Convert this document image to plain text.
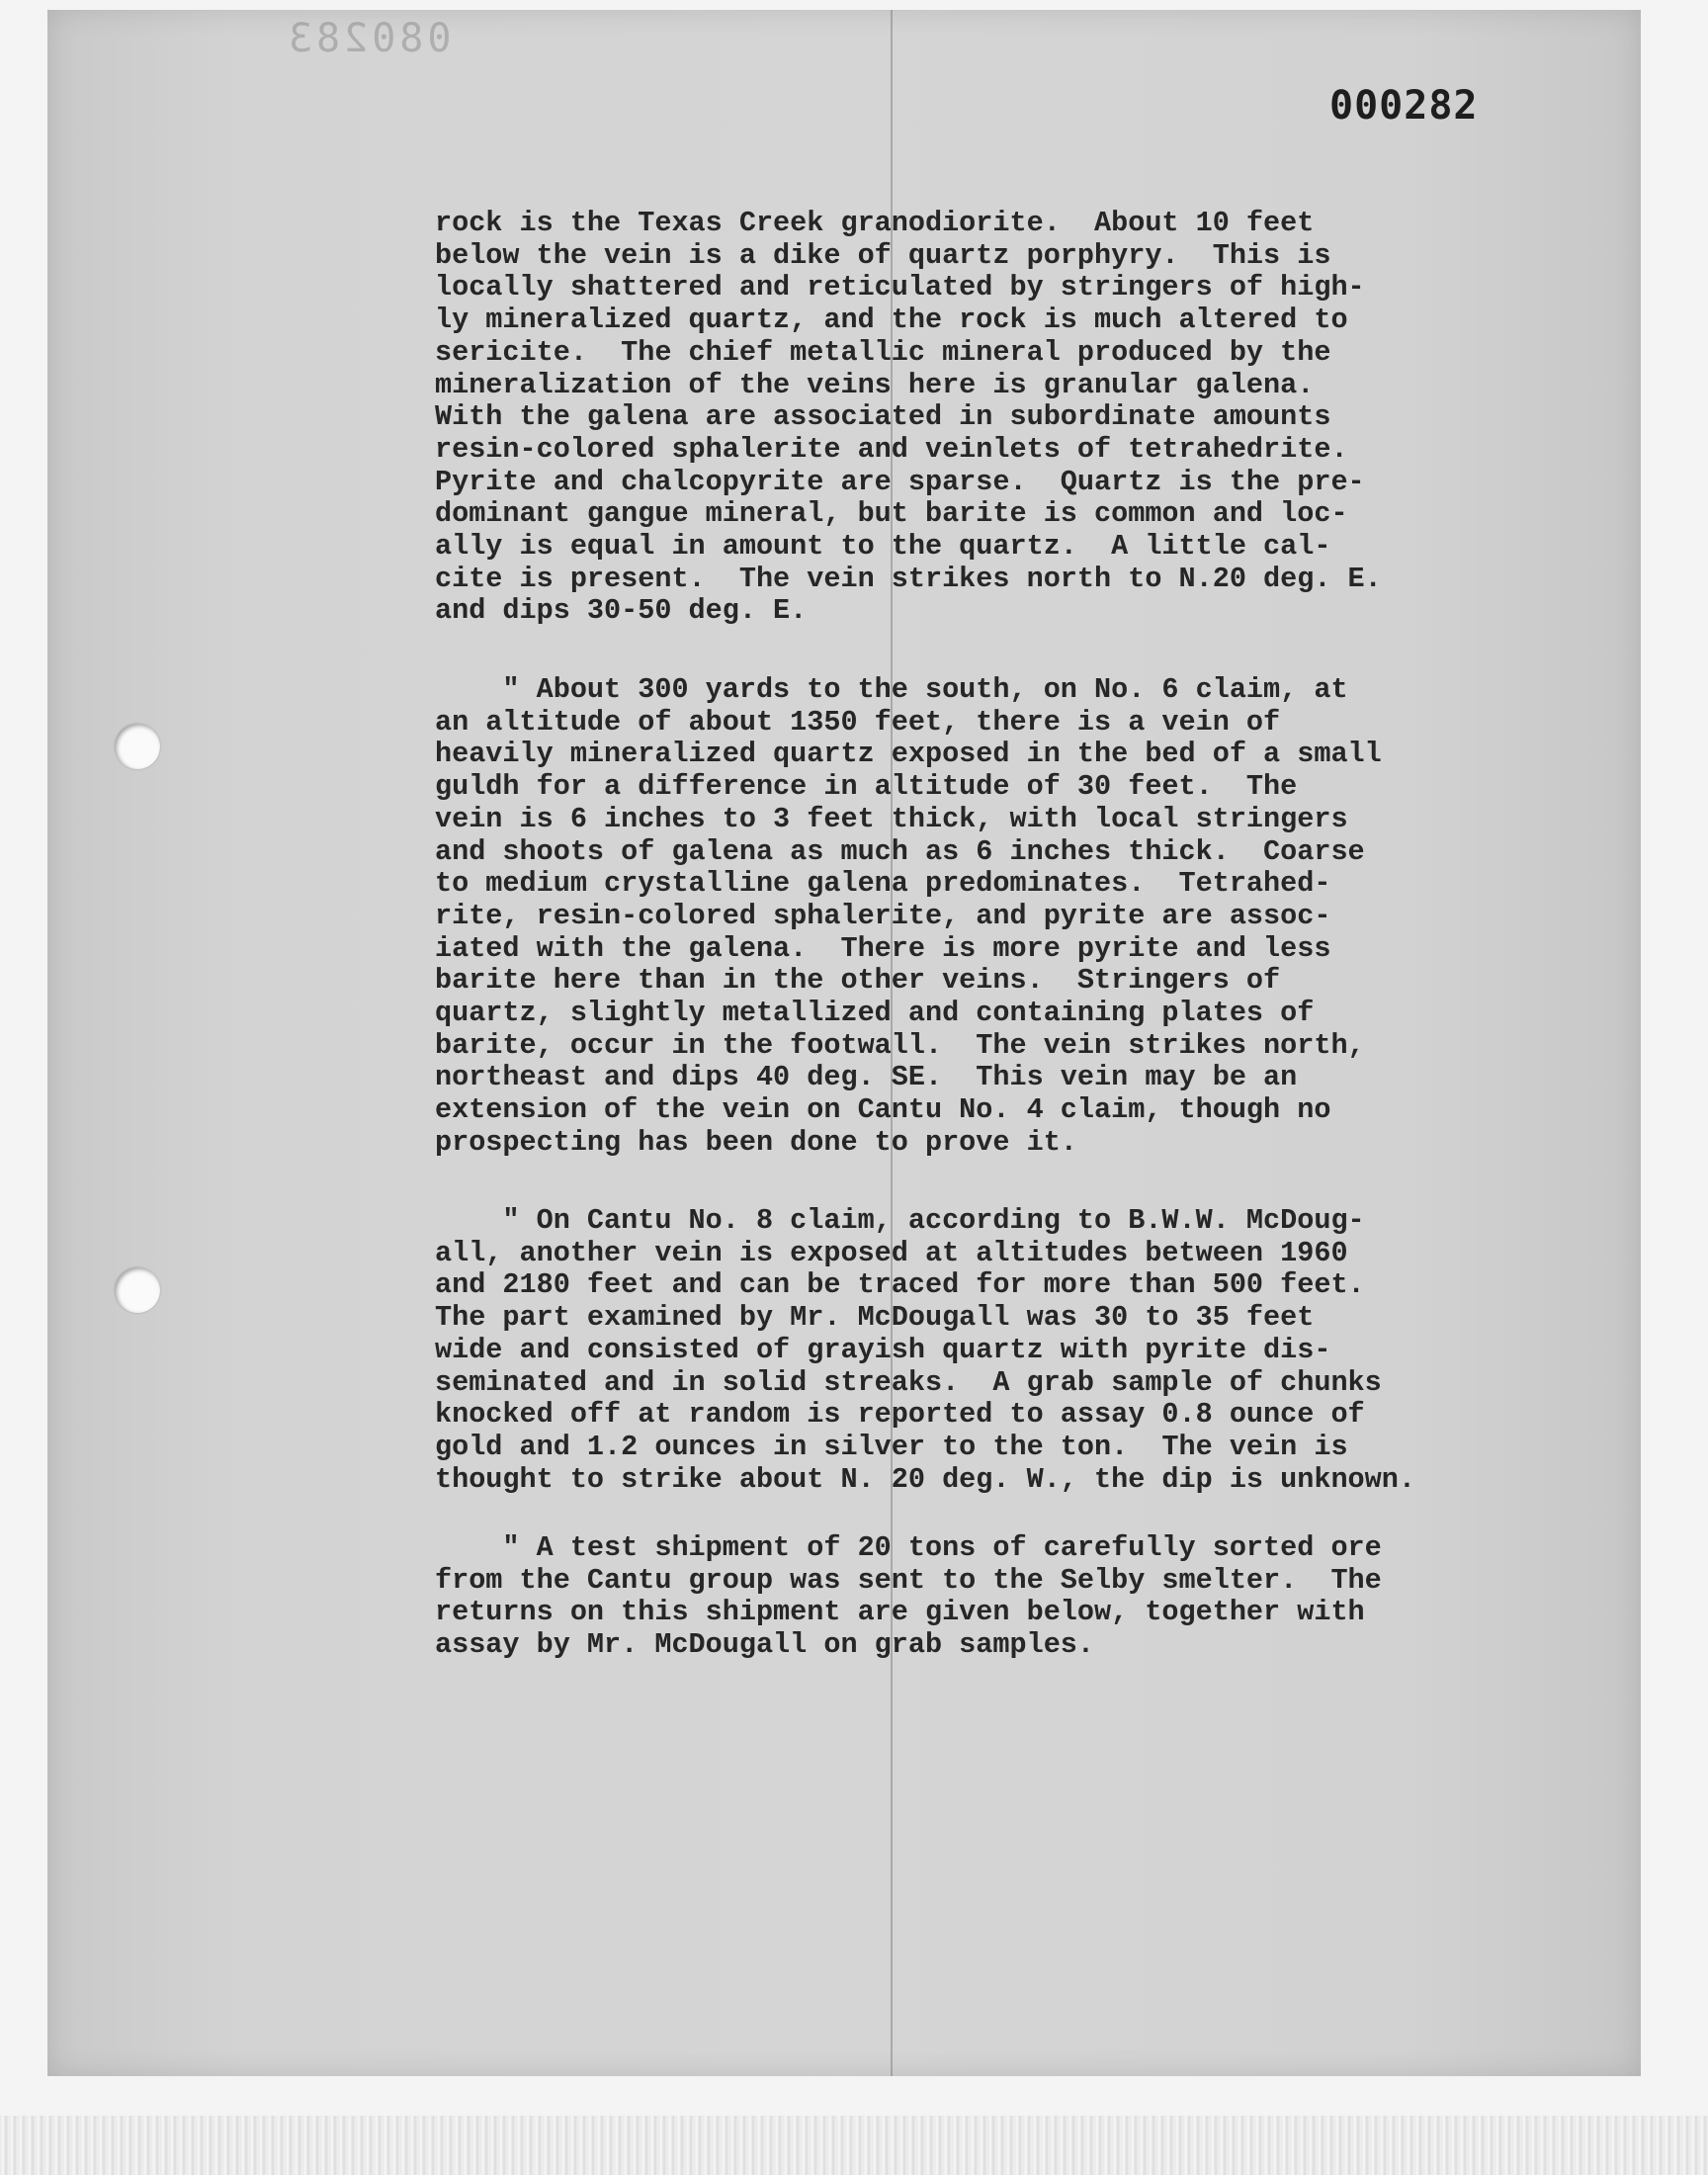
080283
000282
rock is the Texas Creek granodiorite.  About 10 feet
below the vein is a dike of quartz porphyry.  This is
locally shattered and reticulated by stringers of high-
ly mineralized quartz, and the rock is much altered to
sericite.  The chief metallic mineral produced by the
mineralization of the veins here is granular galena.
With the galena are associated in subordinate amounts
resin-colored sphalerite and veinlets of tetrahedrite.
Pyrite and chalcopyrite are sparse.  Quartz is the pre-
dominant gangue mineral, but barite is common and loc-
ally is equal in amount to the quartz.  A little cal-
cite is present.  The vein strikes north to N.20 deg. E.
and dips 30-50 deg. E.
" About 300 yards to the south, on No. 6 claim, at
an altitude of about 1350 feet, there is a vein of
heavily mineralized quartz exposed in the bed of a small
guldh for a difference in altitude of 30 feet.  The
vein is 6 inches to 3 feet thick, with local stringers
and shoots of galena as much as 6 inches thick.  Coarse
to medium crystalline galena predominates.  Tetrahed-
rite, resin-colored sphalerite, and pyrite are assoc-
iated with the galena.  There is more pyrite and less
barite here than in the other veins.  Stringers of
quartz, slightly metallized and containing plates of
barite, occur in the footwall.  The vein strikes north,
northeast and dips 40 deg. SE.  This vein may be an
extension of the vein on Cantu No. 4 claim, though no
prospecting has been done to prove it.
" On Cantu No. 8 claim, according to B.W.W. McDoug-
all, another vein is exposed at altitudes between 1960
and 2180 feet and can be traced for more than 500 feet.
The part examined by Mr. McDougall was 30 to 35 feet
wide and consisted of grayish quartz with pyrite dis-
seminated and in solid streaks.  A grab sample of chunks
knocked off at random is reported to assay 0.8 ounce of
gold and 1.2 ounces in silver to the ton.  The vein is
thought to strike about N. 20 deg. W., the dip is unknown.
" A test shipment of 20 tons of carefully sorted ore
from the Cantu group was sent to the Selby smelter.  The
returns on this shipment are given below, together with
assay by Mr. McDougall on grab samples.
